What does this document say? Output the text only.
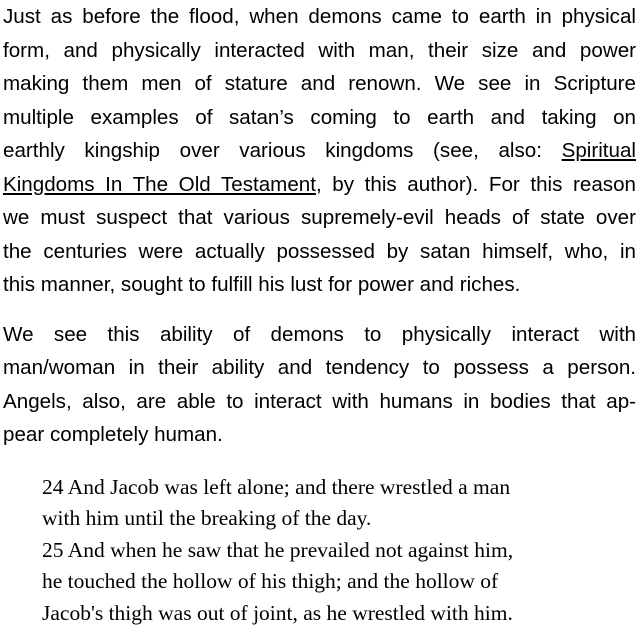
Just as before the flood, when demons came to earth in physical
form, and physically interacted with man, their size and power
making them men of stature and renown. We see in Scripture
multiple examples of satan’s coming to earth and taking on
earthly kingship over various kingdoms (see, also: Spiritual
Kingdoms In The Old Testament, by this author). For this reason
we must suspect that various supremely-evil heads of state over
the centuries were actually possessed by satan himself, who, in
this manner, sought to fulfill his lust for power and riches.

We see this ability of demons to physically interact with
man/woman in their ability and tendency to possess a person.
Angels, also, are able to interact with humans in bodies that ap-
pear completely human.

24 And Jacob was left alone; and there wrestled a man
with him until the breaking of the day.
25 And when he saw that he prevailed not against him,
he touched the hollow of his thigh; and the hollow of
Jacob's thigh was out of joint, as he wrestled with him.
